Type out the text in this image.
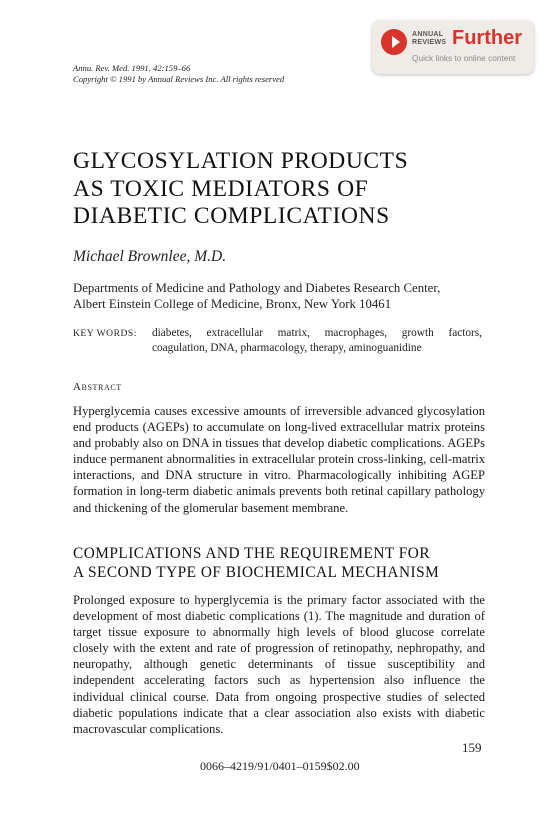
Annu. Rev. Med. 1991. 42:159–66
Copyright © 1991 by Annual Reviews Inc. All rights reserved
ANNUAL
REVIEWS Further
Quick links to online content
GLYCOSYLATION PRODUCTS
AS TOXIC MEDIATORS OF
DIABETIC COMPLICATIONS
Michael Brownlee, M.D.
Departments of Medicine and Pathology and Diabetes Research Center,
Albert Einstein College of Medicine, Bronx, New York 10461
KEY WORDS: diabetes, extracellular matrix, macrophages, growth factors,
coagulation, DNA, pharmacology, therapy, aminoguanidine
Abstract
Hyperglycemia causes excessive amounts of irreversible advanced glycosylation end products (AGEPs) to accumulate on long-lived extracellular matrix proteins and probably also on DNA in tissues that develop diabetic complications. AGEPs induce permanent abnormalities in extracellular protein cross-linking, cell-matrix interactions, and DNA structure in vitro. Pharmacologically inhibiting AGEP formation in long-term diabetic animals prevents both retinal capillary pathology and thickening of the glomerular basement membrane.
COMPLICATIONS AND THE REQUIREMENT FOR
A SECOND TYPE OF BIOCHEMICAL MECHANISM
Prolonged exposure to hyperglycemia is the primary factor associated with the development of most diabetic complications (1). The magnitude and duration of target tissue exposure to abnormally high levels of blood glucose correlate closely with the extent and rate of progression of retinopathy, nephropathy, and neuropathy, although genetic determinants of tissue susceptibility and independent accelerating factors such as hypertension also influence the individual clinical course. Data from ongoing prospective studies of selected diabetic populations indicate that a clear association also exists with diabetic macrovascular complications.
159
0066–4219/91/0401–0159$02.00
